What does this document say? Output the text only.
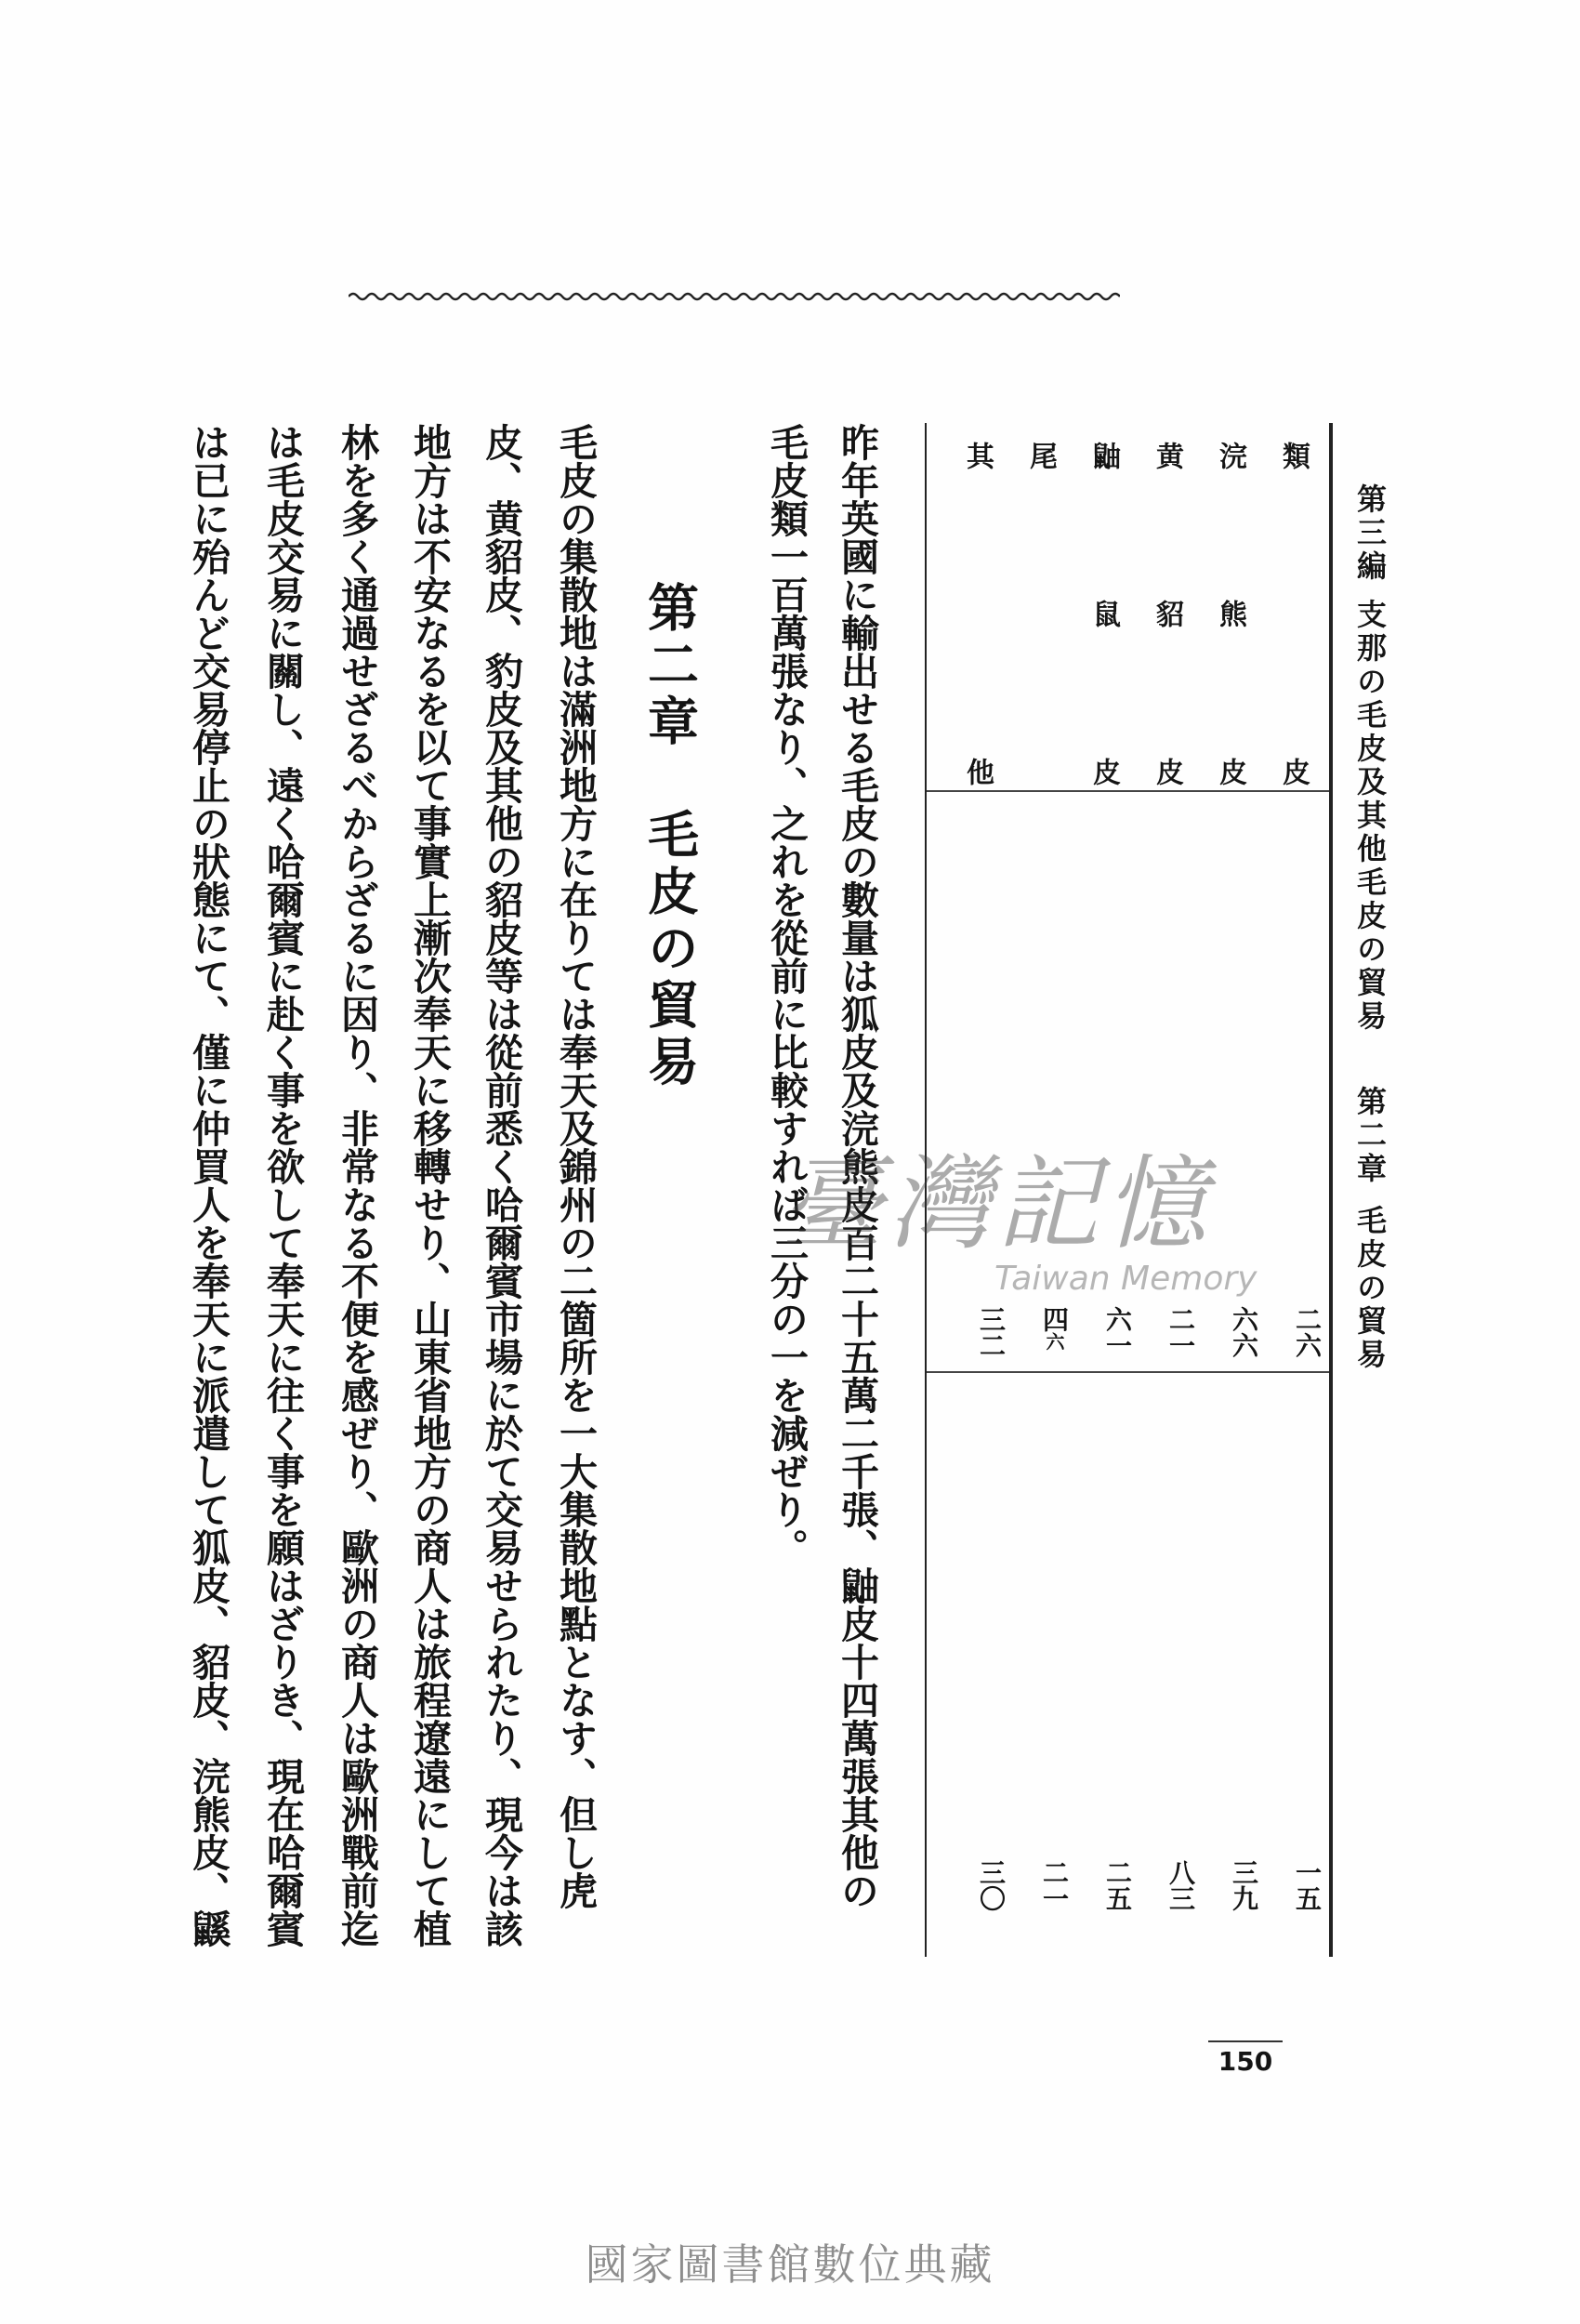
第三編
支那の毛皮及其他毛皮の貿易
第二章
毛皮の貿易
類皮
二六
一五
浣熊皮
六六
三九
黄貂皮
二一
八三
鼬鼠皮
六一
二五
尾
四六
二一
其他
三二
三〇
昨年英國に輸出せる毛皮の數量は狐皮及浣熊皮百二十五萬二千張、鼬皮十四萬張其他の
毛皮類一百萬張なり、之れを從前に比較すれば三分の一を減ぜり。
第二章　毛皮の貿易
毛皮の集散地は滿洲地方に在りては奉天及錦州の二箇所を一大集散地點となす、但し虎
皮、黄貂皮、豹皮及其他の貂皮等は從前悉く哈爾賓市場に於て交易せられたり、現今は該
地方は不安なるを以て事實上漸次奉天に移轉せり、山東省地方の商人は旅程遼遠にして植
林を多く通過せざるべからざるに因り、非常なる不便を感ぜり、歐洲の商人は歐洲戰前迄
は毛皮交易に關し、遠く哈爾賓に赴く事を欲して奉天に往く事を願はざりき、現在哈爾賓
は已に殆んど交易停止の狀態にて、僅に仲買人を奉天に派遣して狐皮、貂皮、浣熊皮、鼷
150
臺灣記憶
Taiwan Memory
國家圖書館數位典藏
